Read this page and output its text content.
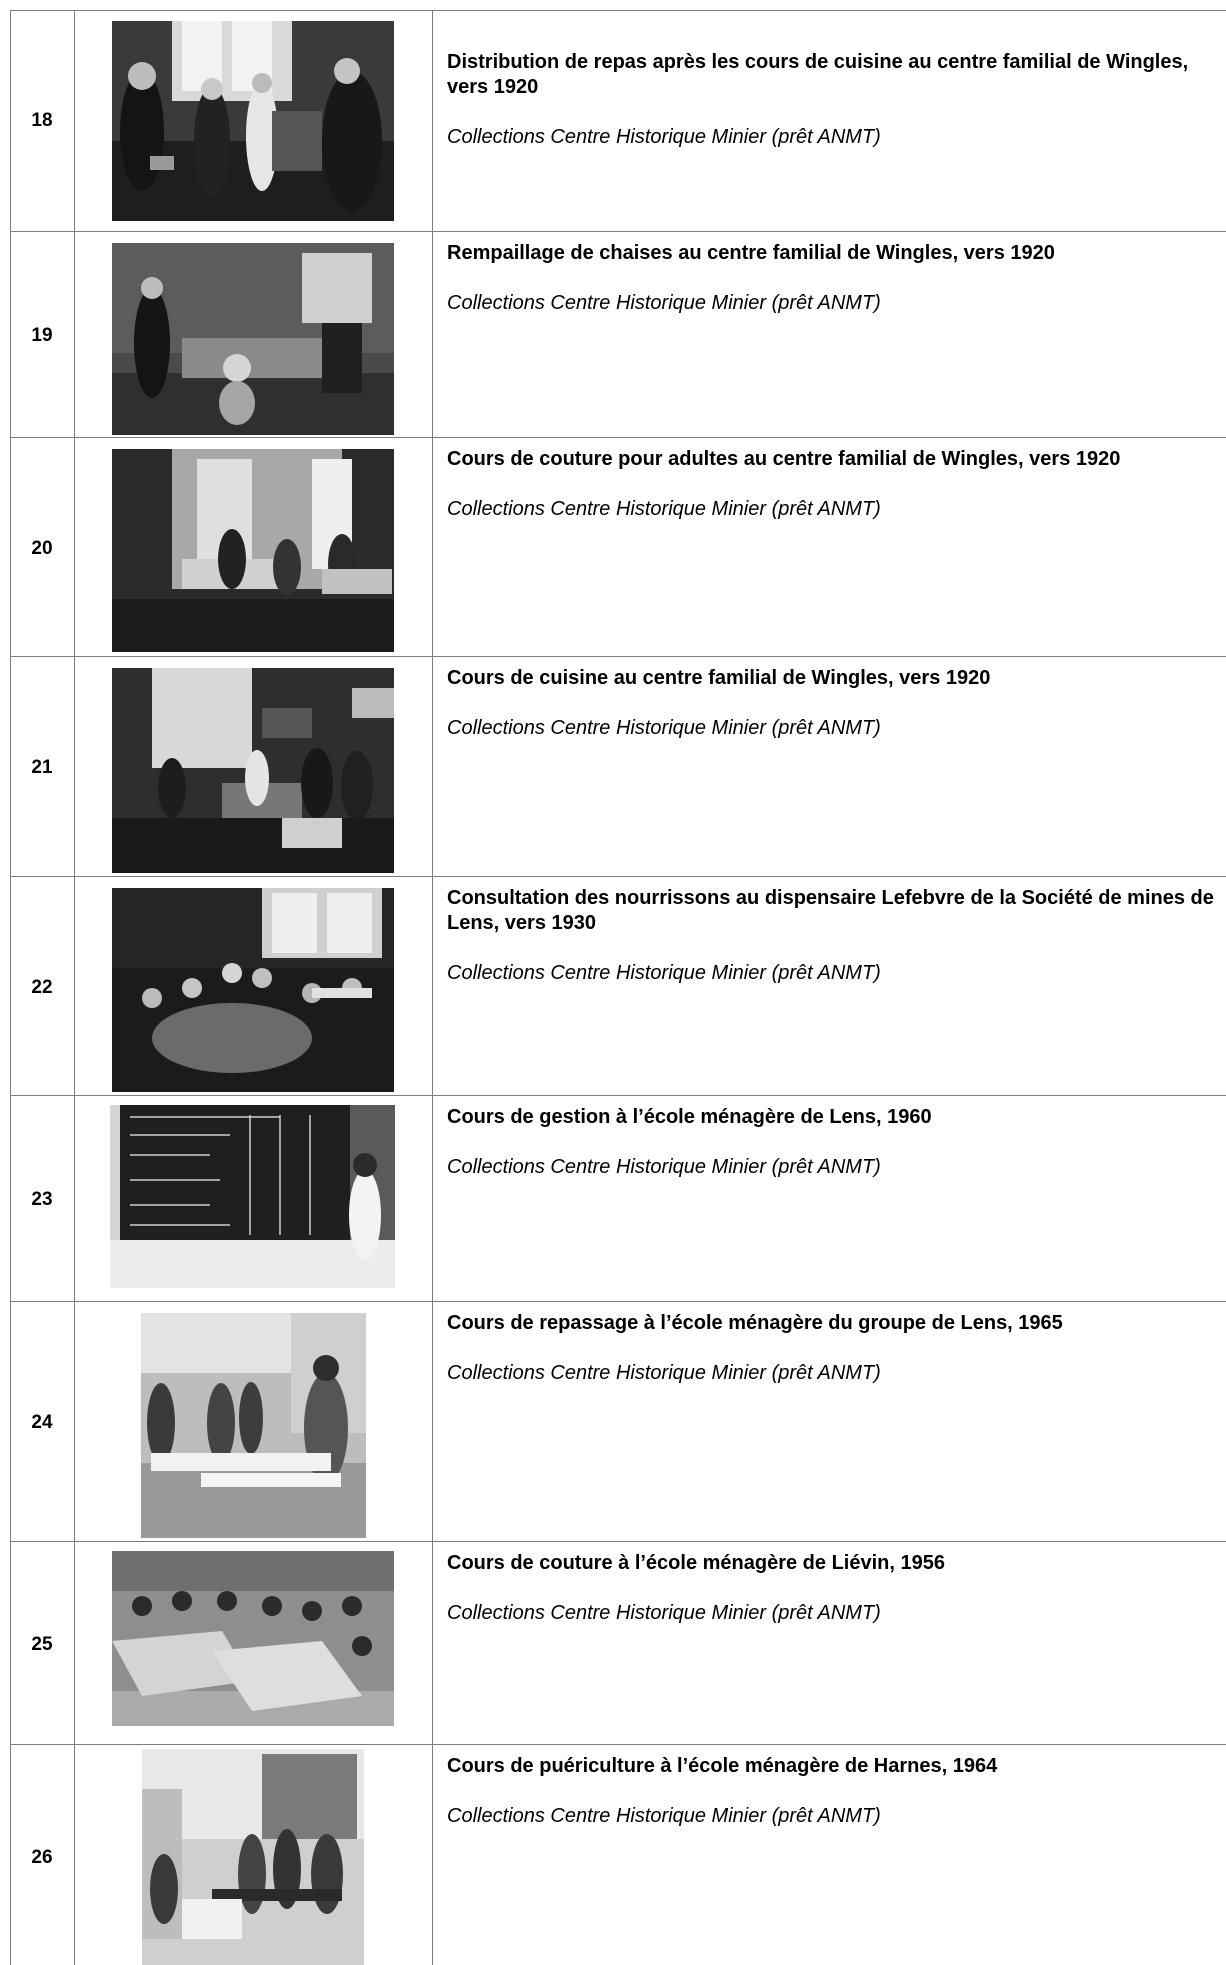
18

Distribution de repas après les cours de cuisine au centre familial de Wingles, vers 1920

Collections Centre Historique Minier (prêt ANMT)

19

Rempaillage de chaises au centre familial de Wingles, vers 1920

Collections Centre Historique Minier (prêt ANMT)

20

Cours de couture pour adultes au centre familial de Wingles, vers 1920

Collections Centre Historique Minier (prêt ANMT)

21

Cours de cuisine au centre familial de Wingles, vers 1920

Collections Centre Historique Minier (prêt ANMT)

22

Consultation des nourrissons au dispensaire Lefebvre de la Société de mines de Lens, vers 1930

Collections Centre Historique Minier (prêt ANMT)

23

Cours de gestion à l’école ménagère de Lens, 1960

Collections Centre Historique Minier (prêt ANMT)

24

Cours de repassage à l’école ménagère du groupe de Lens, 1965

Collections Centre Historique Minier (prêt ANMT)

25

Cours de couture à l’école ménagère de Liévin, 1956

Collections Centre Historique Minier (prêt ANMT)

26

Cours de puériculture à l’école ménagère de Harnes, 1964

Collections Centre Historique Minier (prêt ANMT)
